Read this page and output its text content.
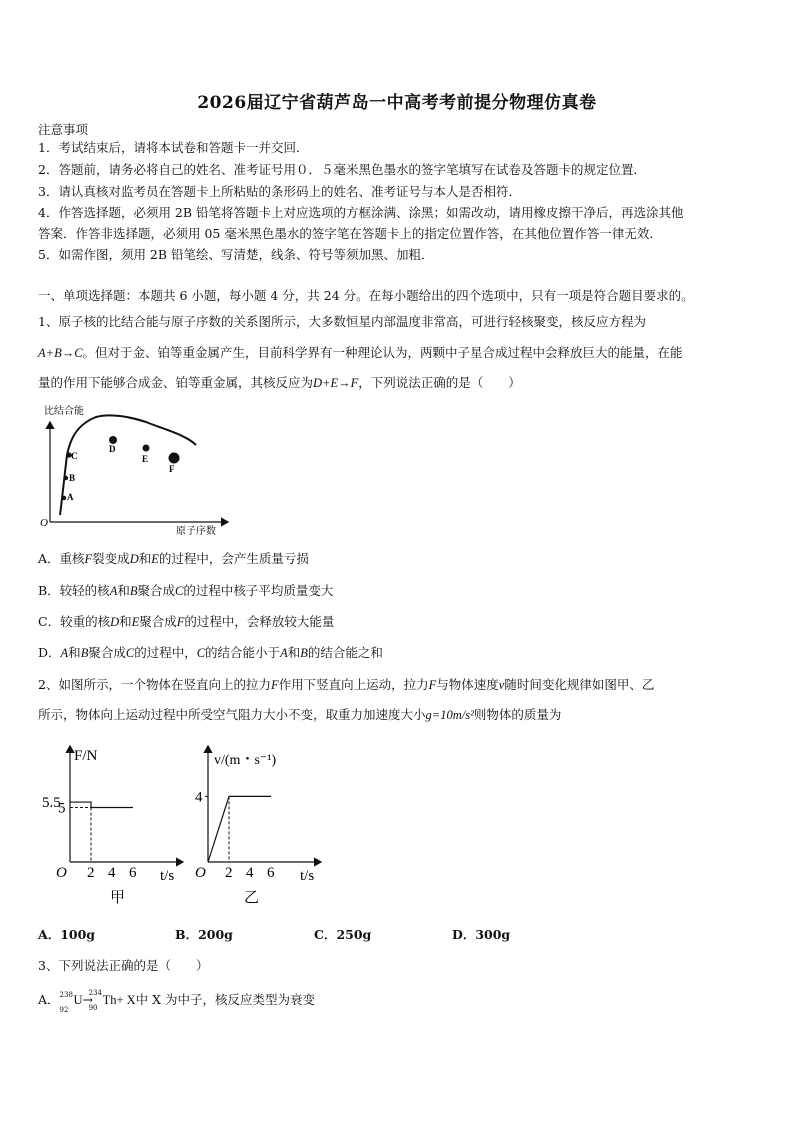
2026届辽宁省葫芦岛一中高考考前提分物理仿真卷
注意事项
1．考试结束后，请将本试卷和答题卡一并交回．
2．答题前，请务必将自己的姓名、准考证号用０．５毫米黑色墨水的签字笔填写在试卷及答题卡的规定位置．
3．请认真核对监考员在答题卡上所粘贴的条形码上的姓名、准考证号与本人是否相符．
4．作答选择题，必须用 2B 铅笔将答题卡上对应选项的方框涂满、涂黑；如需改动，请用橡皮擦干净后，再选涂其他
答案．作答非选择题，必须用 05 毫米黑色墨水的签字笔在答题卡上的指定位置作答，在其他位置作答一律无效．
5．如需作图，须用 2B 铅笔绘、写清楚，线条、符号等须加黑、加粗．
一、单项选择题：本题共 6 小题，每小题 4 分，共 24 分。在每小题给出的四个选项中，只有一项是符合题目要求的。
1、原子核的比结合能与原子序数的关系图所示，大多数恒星内部温度非常高，可进行轻核聚变，核反应方程为
A+B→C。但对于金、铂等重金属产生，目前科学界有一种理论认为，两颗中子星合成过程中会释放巨大的能量，在能
量的作用下能够合成金、铂等重金属，其核反应为D+E→F，下列说法正确的是（　　）
比结合能
O
原子序数
A
B
C
D
E
F
A．重核F裂变成D和E的过程中，会产生质量亏损
B．较轻的核A和B聚合成C的过程中核子平均质量变大
C．较重的核D和E聚合成F的过程中，会释放较大能量
D．A和B聚合成C的过程中，C的结合能小于A和B的结合能之和
2、如图所示，一个物体在竖直向上的拉力F作用下竖直向上运动，拉力F与物体速度v随时间变化规律如图甲、乙
所示，物体向上运动过程中所受空气阻力大小不变，取重力加速度大小g=10m/s²则物体的质量为
F/N
t/s
O 2 4 6
5.5
5
甲
v/(m・s⁻¹)
t/s
O 2 4 6
4
乙
A．100g	B．200g	C．250g	D．300g
3、下列说法正确的是（　　）
A． 238
92
U→
234
90
Th+ X中 X 为中子，核反应类型为衰变
